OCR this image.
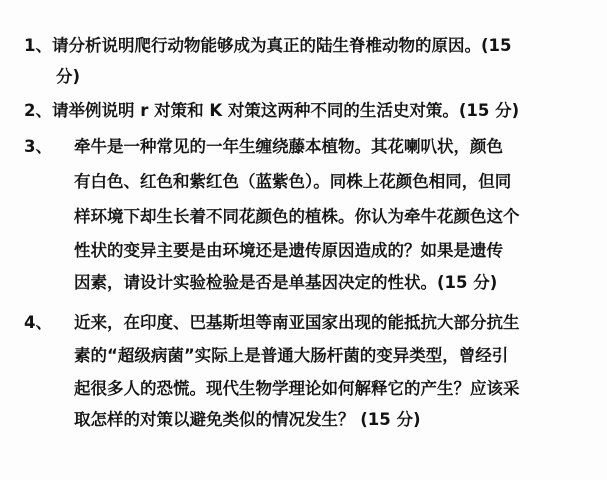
1、请分析说明爬行动物能够成为真正的陆生脊椎动物的原因。(15
分)
2、请举例说明 r 对策和 K 对策这两种不同的生活史对策。(15 分)
3、 牵牛是一种常见的一年生缠绕藤本植物。其花喇叭状，颜色
有白色、红色和紫红色（蓝紫色）。同株上花颜色相同，但同
样环境下却生长着不同花颜色的植株。你认为牵牛花颜色这个
性状的变异主要是由环境还是遗传原因造成的？如果是遗传
因素，请设计实验检验是否是单基因决定的性状。(15 分)
4、 近来，在印度、巴基斯坦等南亚国家出现的能抵抗大部分抗生
素的“超级病菌”实际上是普通大肠杆菌的变异类型，曾经引
起很多人的恐慌。现代生物学理论如何解释它的产生？应该采
取怎样的对策以避免类似的情况发生？ (15 分)
